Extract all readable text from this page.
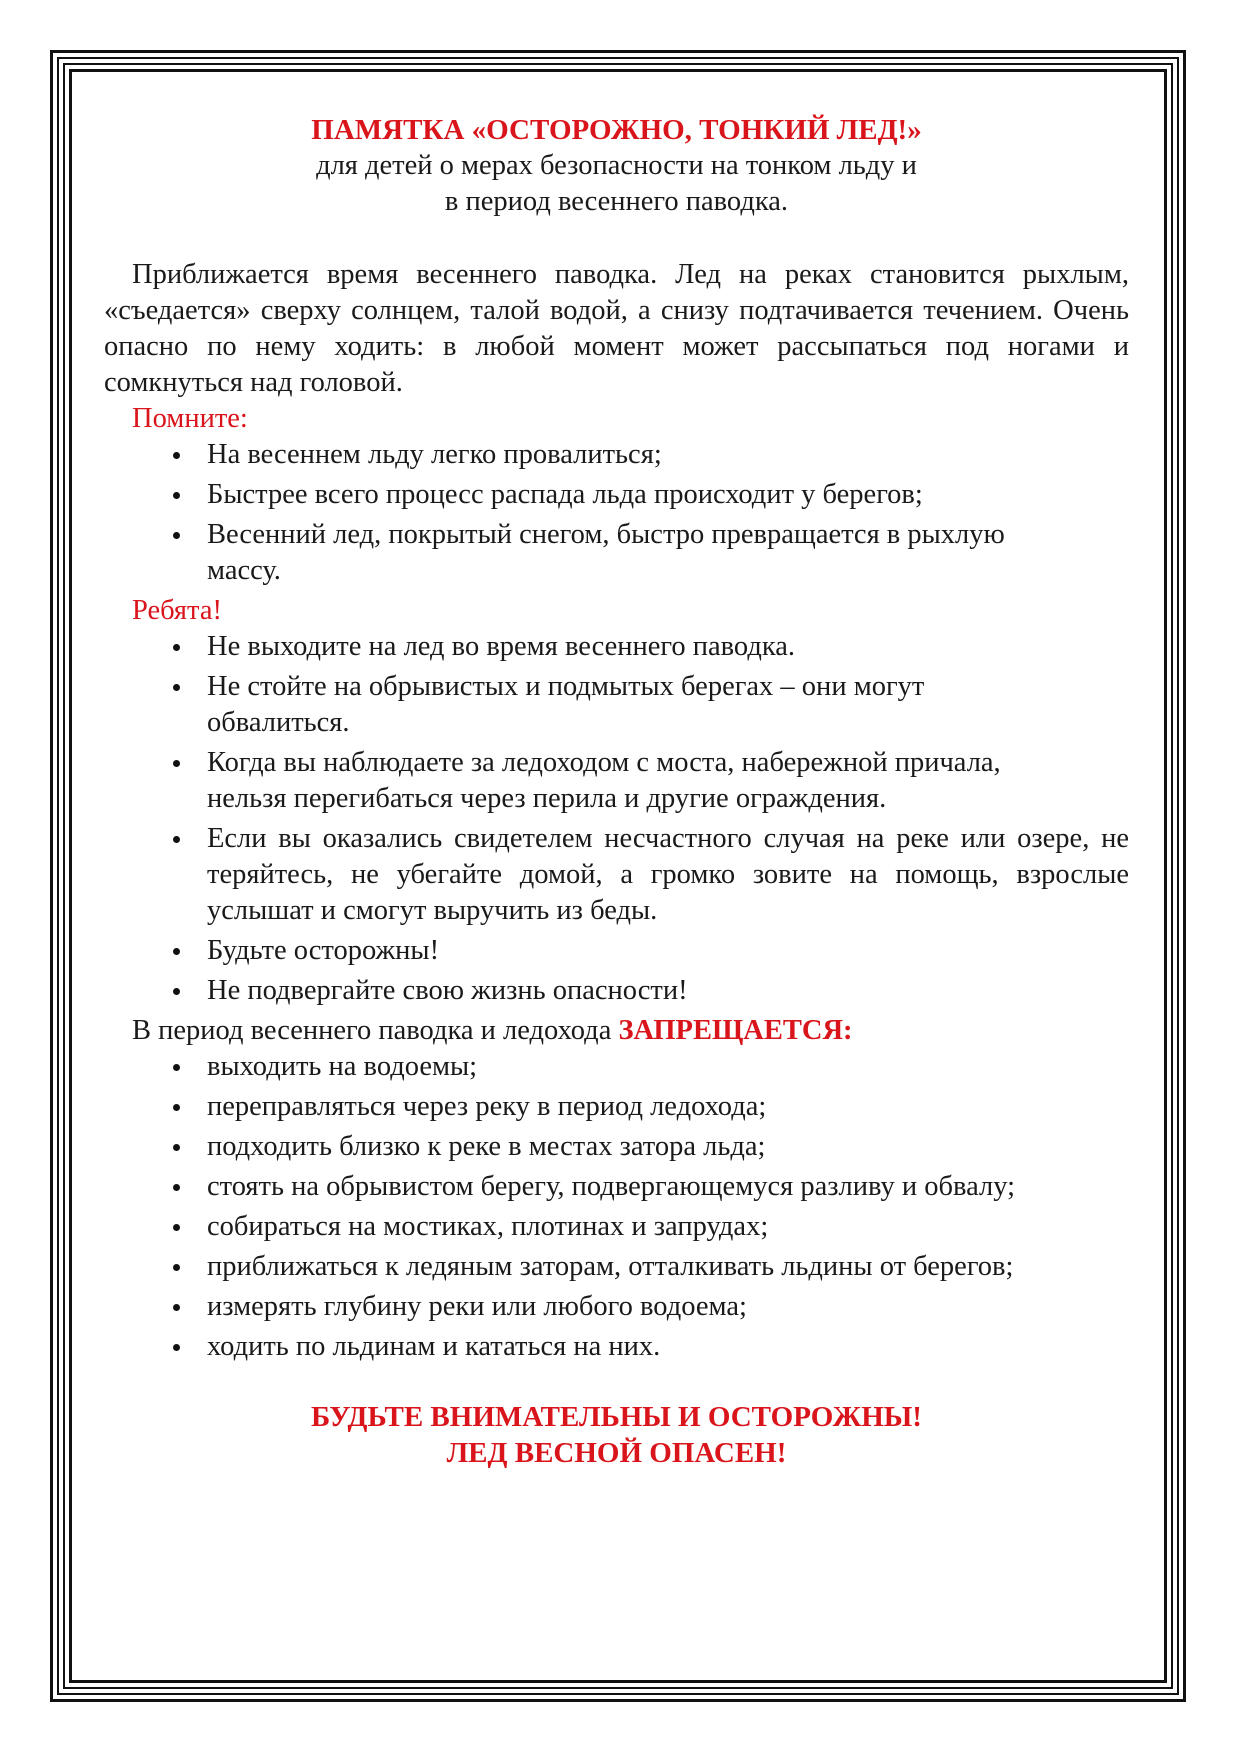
ПАМЯТКА «ОСТОРОЖНО, ТОНКИЙ ЛЕД!»

для детей о мерах безопасности на тонком льду и

в период весеннего паводка.

Приближается время весеннего паводка. Лед на реках становится рыхлым, «съедается» сверху солнцем, талой водой, а снизу подтачивается течением. Очень опасно по нему ходить: в любой момент может рассыпаться под ногами и сомкнуться над головой.

Помните:

На весеннем льду легко провалиться;
Быстрее всего процесс распада льда происходит у берегов;
Весенний лед, покрытый снегом, быстро превращается в рыхлую массу.

Ребята!

Не выходите на лед во время весеннего паводка.
Не стойте на обрывистых и подмытых берегах – они могут обвалиться.
Когда вы наблюдаете за ледоходом с моста, набережной причала, нельзя перегибаться через перила и другие ограждения.
Если вы оказались свидетелем несчастного случая на реке или озере, не теряйтесь, не убегайте домой, а громко зовите на помощь, взрослые услышат и смогут выручить из беды.
Будьте осторожны!
Не подвергайте свою жизнь опасности!

В период весеннего паводка и ледохода ЗАПРЕЩАЕТСЯ:

выходить на водоемы;
переправляться через реку в период ледохода;
подходить близко к реке в местах затора льда;
стоять на обрывистом берегу, подвергающемуся разливу и обвалу;
собираться на мостиках, плотинах и запрудах;
приближаться к ледяным заторам, отталкивать льдины от берегов;
измерять глубину реки или любого водоема;
ходить по льдинам и кататься на них.
БУДЬТЕ ВНИМАТЕЛЬНЫ И ОСТОРОЖНЫ!
ЛЕД ВЕСНОЙ ОПАСЕН!
